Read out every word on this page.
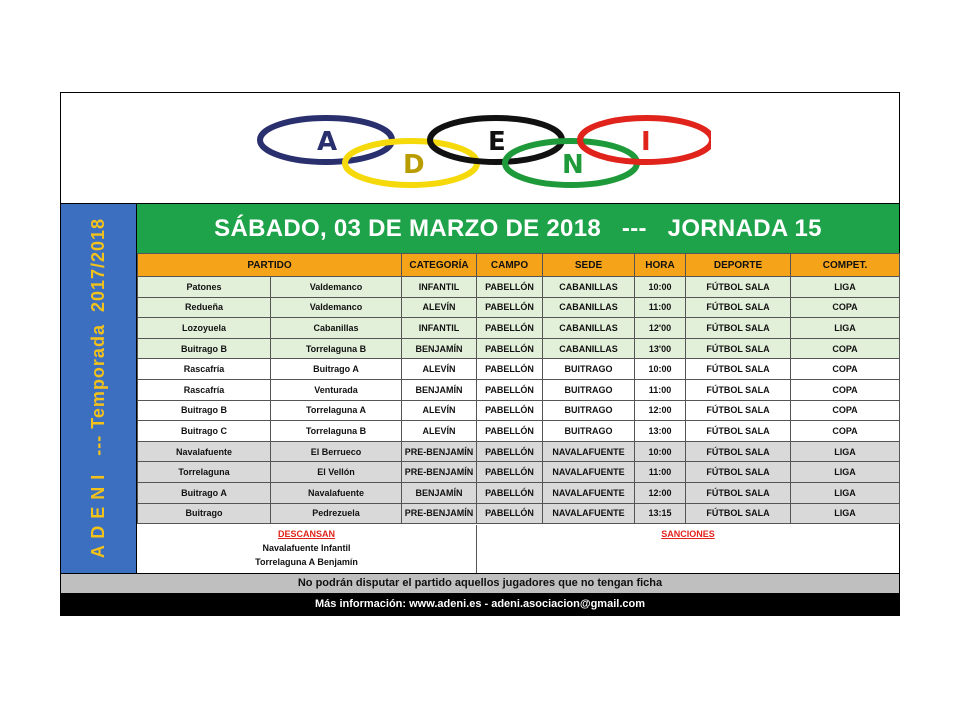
A
D
E
N
I
A D E N I   --- Temporada  2017/2018	SÁBADO, 03 DE MARZO DE 2018   ---   JORNADA 15
PARTIDO		CATEGORÍA	CAMPO	SEDE	HORA	DEPORTE	COMPET.
Patones	Valdemanco	INFANTIL	PABELLÓN	CABANILLAS	10:00	FÚTBOL SALA	LIGA
Redueña	Valdemanco	ALEVÍN	PABELLÓN	CABANILLAS	11:00	FÚTBOL SALA	COPA
Lozoyuela	Cabanillas	INFANTIL	PABELLÓN	CABANILLAS	12'00	FÚTBOL SALA	LIGA
Buitrago B	Torrelaguna B	BENJAMÍN	PABELLÓN	CABANILLAS	13'00	FÚTBOL SALA	COPA
Rascafría	Buitrago A	ALEVÍN	PABELLÓN	BUITRAGO	10:00	FÚTBOL SALA	COPA
Rascafría	Venturada	BENJAMÍN	PABELLÓN	BUITRAGO	11:00	FÚTBOL SALA	COPA
Buitrago B	Torrelaguna A	ALEVÍN	PABELLÓN	BUITRAGO	12:00	FÚTBOL SALA	COPA
Buitrago C	Torrelaguna B	ALEVÍN	PABELLÓN	BUITRAGO	13:00	FÚTBOL SALA	COPA
Navalafuente	El Berrueco	PRE-BENJAMÍN	PABELLÓN	NAVALAFUENTE	10:00	FÚTBOL SALA	LIGA
Torrelaguna	El Vellón	PRE-BENJAMÍN	PABELLÓN	NAVALAFUENTE	11:00	FÚTBOL SALA	LIGA
Buitrago A	Navalafuente	BENJAMÍN	PABELLÓN	NAVALAFUENTE	12:00	FÚTBOL SALA	LIGA
Buitrago	Pedrezuela	PRE-BENJAMÍN	PABELLÓN	NAVALAFUENTE	13:15	FÚTBOL SALA	LIGA
DESCANSAN
Navalafuente Infantil
Torrelaguna A Benjamín
SANCIONES
No podrán disputar el partido aquellos jugadores que no tengan ficha
Más información: www.adeni.es - adeni.asociacion@gmail.com
